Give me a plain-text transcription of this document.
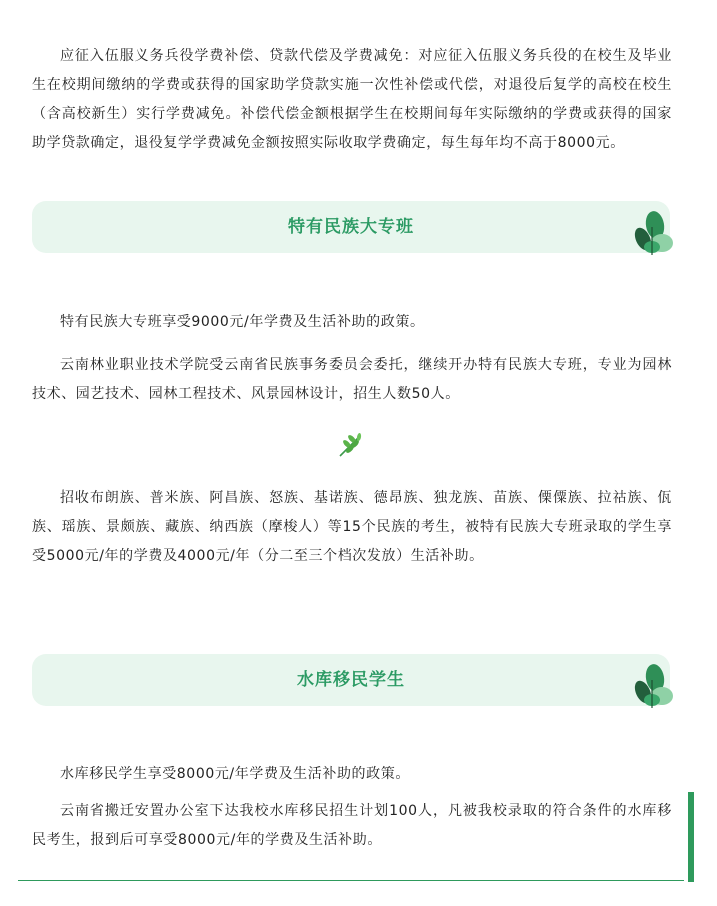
应征入伍服义务兵役学费补偿、贷款代偿及学费减免：对应征入伍服义务兵役的在校生及毕业生在校期间缴纳的学费或获得的国家助学贷款实施一次性补偿或代偿，对退役后复学的高校在校生（含高校新生）实行学费减免。补偿代偿金额根据学生在校期间每年实际缴纳的学费或获得的国家助学贷款确定，退役复学学费减免金额按照实际收取学费确定，每生每年均不高于8000元。

特有民族大专班

特有民族大专班享受9000元/年学费及生活补助的政策。

云南林业职业技术学院受云南省民族事务委员会委托，继续开办特有民族大专班，专业为园林技术、园艺技术、园林工程技术、风景园林设计，招生人数50人。

招收布朗族、普米族、阿昌族、怒族、基诺族、德昂族、独龙族、苗族、傈僳族、拉祜族、佤族、瑶族、景颇族、藏族、纳西族（摩梭人）等15个民族的考生，被特有民族大专班录取的学生享受5000元/年的学费及4000元/年（分二至三个档次发放）生活补助。

水库移民学生

水库移民学生享受8000元/年学费及生活补助的政策。

云南省搬迁安置办公室下达我校水库移民招生计划100人，凡被我校录取的符合条件的水库移民考生，报到后可享受8000元/年的学费及生活补助。
